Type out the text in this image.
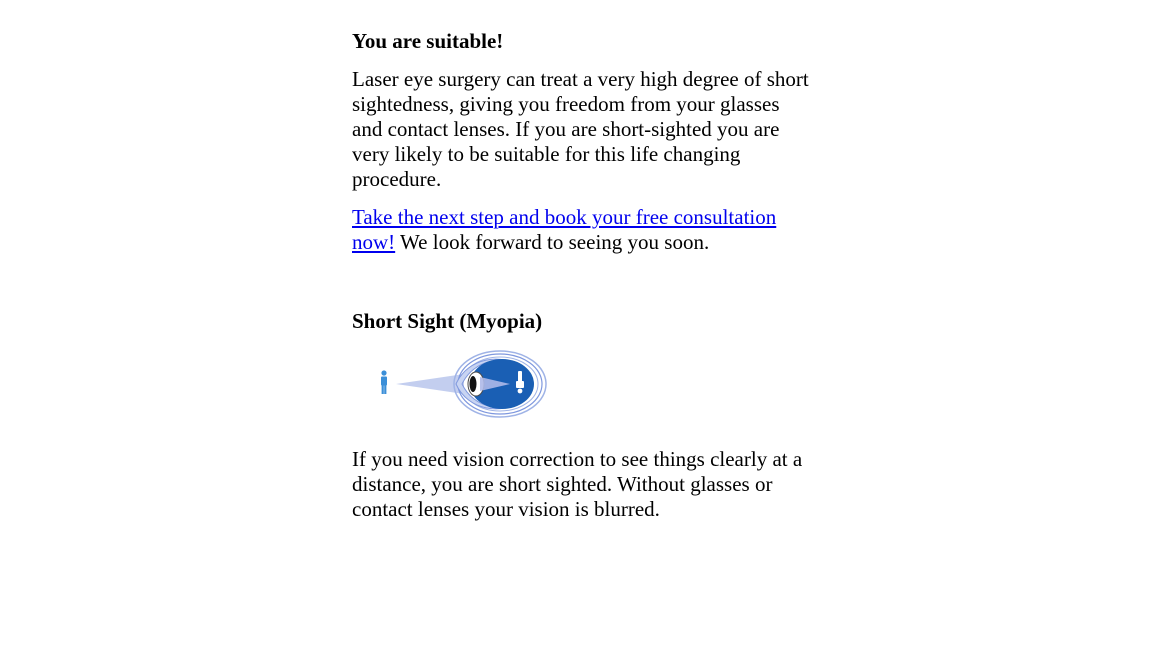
You are suitable!

Laser eye surgery can treat a very high degree of short sightedness, giving you freedom from your glasses and contact lenses. If you are short-sighted you are very likely to be suitable for this life changing procedure.

Take the next step and book your free consultation now! We look forward to seeing you soon.

Short Sight (Myopia)

If you need vision correction to see things clearly at a distance, you are short sighted. Without glasses or contact lenses your vision is blurred.
